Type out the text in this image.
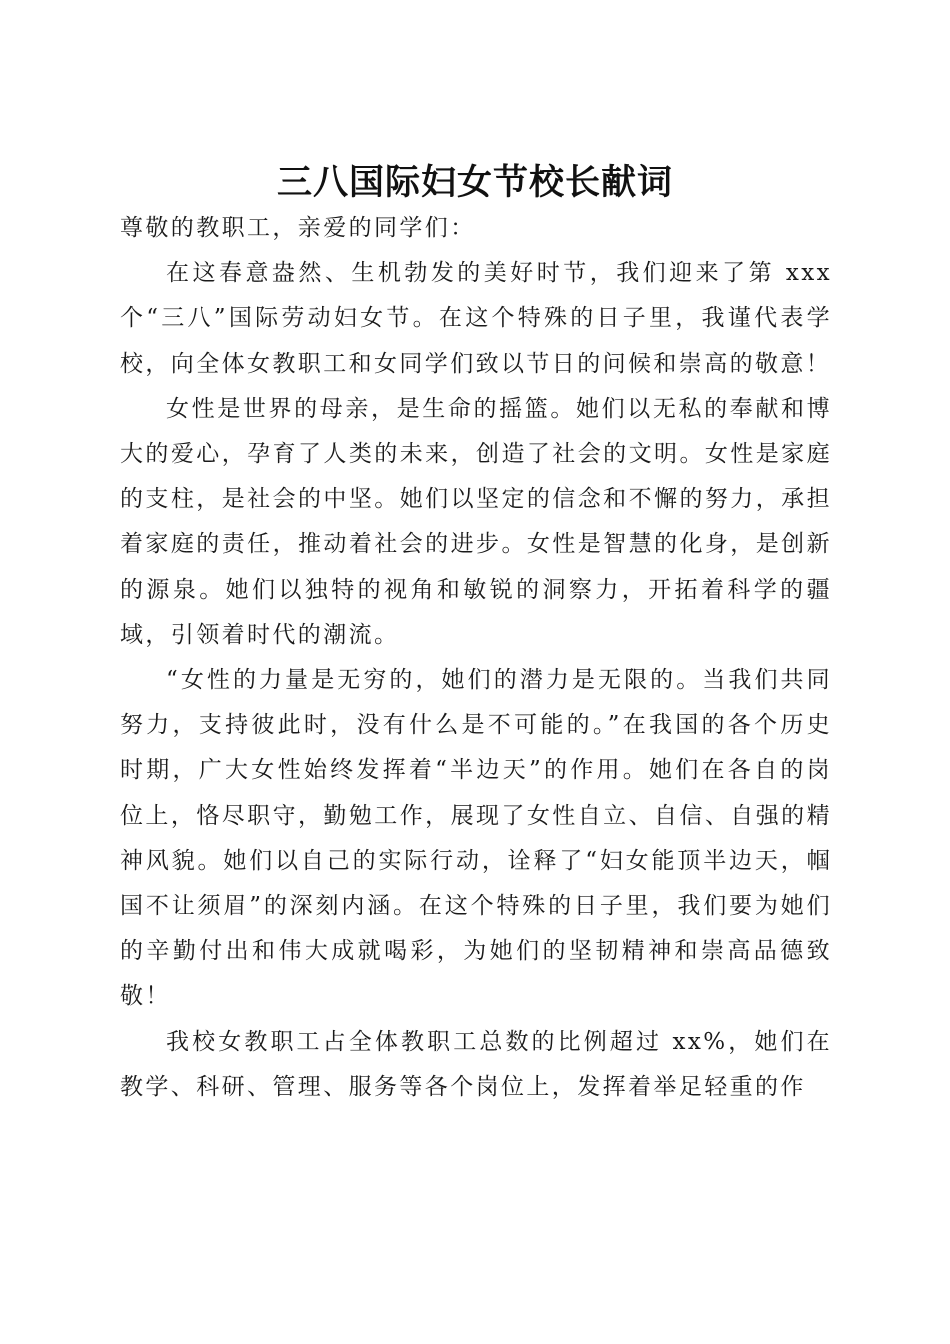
三八国际妇女节校长献词

尊敬的教职工，亲爱的同学们：

在这春意盎然、生机勃发的美好时节，我们迎来了第 xxx 个“三八”国际劳动妇女节。在这个特殊的日子里，我谨代表学校，向全体女教职工和女同学们致以节日的问候和崇高的敬意！

女性是世界的母亲，是生命的摇篮。她们以无私的奉献和博大的爱心，孕育了人类的未来，创造了社会的文明。女性是家庭的支柱，是社会的中坚。她们以坚定的信念和不懈的努力，承担着家庭的责任，推动着社会的进步。女性是智慧的化身，是创新的源泉。她们以独特的视角和敏锐的洞察力，开拓着科学的疆域，引领着时代的潮流。

“女性的力量是无穷的，她们的潜力是无限的。当我们共同努力，支持彼此时，没有什么是不可能的。”在我国的各个历史时期，广大女性始终发挥着“半边天”的作用。她们在各自的岗位上，恪尽职守，勤勉工作，展现了女性自立、自信、自强的精神风貌。她们以自己的实际行动，诠释了“妇女能顶半边天，帼国不让须眉”的深刻内涵。在这个特殊的日子里，我们要为她们的辛勤付出和伟大成就喝彩，为她们的坚韧精神和崇高品德致敬！

我校女教职工占全体教职工总数的比例超过 xx%，她们在教学、科研、管理、服务等各个岗位上，发挥着举足轻重的作
